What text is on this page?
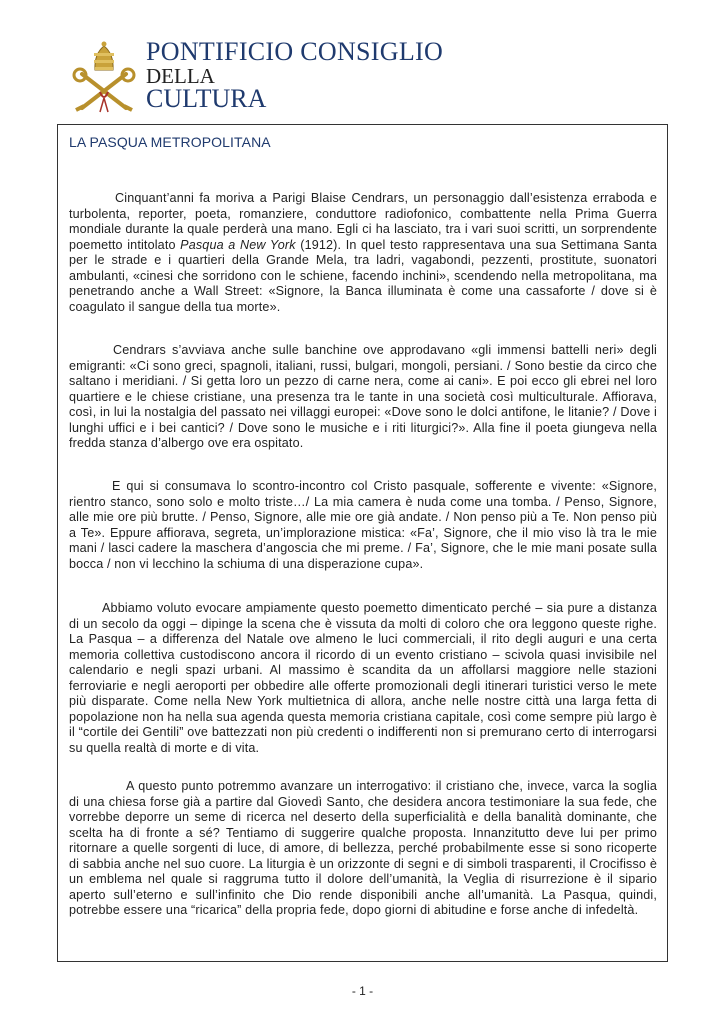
PONTIFICIO CONSIGLIO
DELLA
CULTURA
LA PASQUA METROPOLITANA

Cinquant’anni fa moriva a Parigi Blaise Cendrars, un personaggio dall’esistenza erraboda e turbolenta, reporter, poeta, romanziere, conduttore radiofonico, combattente nella Prima Guerra mondiale durante la quale perderà una mano. Egli ci ha lasciato, tra i vari suoi scritti, un sorprendente poemetto intitolato Pasqua a New York (1912). In quel testo rappresentava una sua Settimana Santa per le strade e i quartieri della Grande Mela, tra ladri, vagabondi, pezzenti, prostitute, suonatori ambulanti, «cinesi che sorridono con le schiene, facendo inchini», scendendo nella metropolitana, ma penetrando anche a Wall Street: «Signore, la Banca illuminata è come una cassaforte / dove si è coagulato il sangue della tua morte».

Cendrars s’avviava anche sulle banchine ove approdavano «gli immensi battelli neri» degli emigranti: «Ci sono greci, spagnoli, italiani, russi, bulgari, mongoli, persiani. / Sono bestie da circo che saltano i meridiani. / Si getta loro un pezzo di carne nera, come ai cani». E poi ecco gli ebrei nel loro quartiere e le chiese cristiane, una presenza tra le tante in una società così multiculturale. Affiorava, così, in lui la nostalgia del passato nei villaggi europei: «Dove sono le dolci antifone, le litanie? / Dove i lunghi uffici e i bei cantici? / Dove sono le musiche e i riti liturgici?». Alla fine il poeta giungeva nella fredda stanza d’albergo ove era ospitato.

E qui si consumava lo scontro-incontro col Cristo pasquale, sofferente e vivente: «Signore, rientro stanco, sono solo e molto triste…/ La mia camera è nuda come una tomba. / Penso, Signore, alle mie ore più brutte. / Penso, Signore, alle mie ore già andate. / Non penso più a Te. Non penso più a Te». Eppure affiorava, segreta, un’implorazione mistica: «Fa’, Signore, che il mio viso là tra le mie mani / lasci cadere la maschera d’angoscia che mi preme. / Fa’, Signore, che le mie mani posate sulla bocca / non vi lecchino la schiuma di una disperazione cupa».

Abbiamo voluto evocare ampiamente questo poemetto dimenticato perché – sia pure a distanza di un secolo da oggi – dipinge la scena che è vissuta da molti di coloro che ora leggono queste righe. La Pasqua – a differenza del Natale ove almeno le luci commerciali, il rito degli auguri e una certa memoria collettiva custodiscono ancora il ricordo di un evento cristiano – scivola quasi invisibile nel calendario e negli spazi urbani. Al massimo è scandita da un affollarsi maggiore nelle stazioni ferroviarie e negli aeroporti per obbedire alle offerte promozionali degli itinerari turistici verso le mete più disparate. Come nella New York multietnica di allora, anche nelle nostre città una larga fetta di popolazione non ha nella sua agenda questa memoria cristiana capitale, così come sempre più largo è il “cortile dei Gentili” ove battezzati non più credenti o indifferenti non si premurano certo di interrogarsi su quella realtà di morte e di vita.

A questo punto potremmo avanzare un interrogativo: il cristiano che, invece, varca la soglia di una chiesa forse già a partire dal Giovedì Santo, che desidera ancora testimoniare la sua fede, che vorrebbe deporre un seme di ricerca nel deserto della superficialità e della banalità dominante, che scelta ha di fronte a sé? Tentiamo di suggerire qualche proposta. Innanzitutto deve lui per primo ritornare a quelle sorgenti di luce, di amore, di bellezza, perché probabilmente esse si sono ricoperte di sabbia anche nel suo cuore. La liturgia è un orizzonte di segni e di simboli trasparenti, il Crocifisso è un emblema nel quale si raggruma tutto il dolore dell’umanità, la Veglia di risurrezione è il sipario aperto sull’eterno e sull’infinito che Dio rende disponibili anche all’umanità. La Pasqua, quindi, potrebbe essere una “ricarica” della propria fede, dopo giorni di abitudine e forse anche di infedeltà.

- 1 -
